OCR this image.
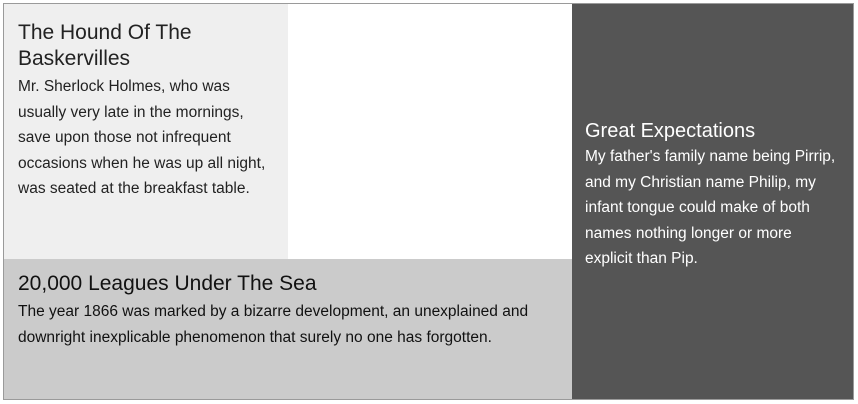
The Hound Of The Baskervilles

Mr. Sherlock Holmes, who was usually very late in the mornings, save upon those not infrequent occasions when he was up all night, was seated at the breakfast table.

20,000 Leagues Under The Sea

The year 1866 was marked by a bizarre development, an unexplained and downright inexplicable phenomenon that surely no one has forgotten.

Great Expectations

My father's family name being Pirrip, and my Christian name Philip, my infant tongue could make of both names nothing longer or more explicit than Pip.
